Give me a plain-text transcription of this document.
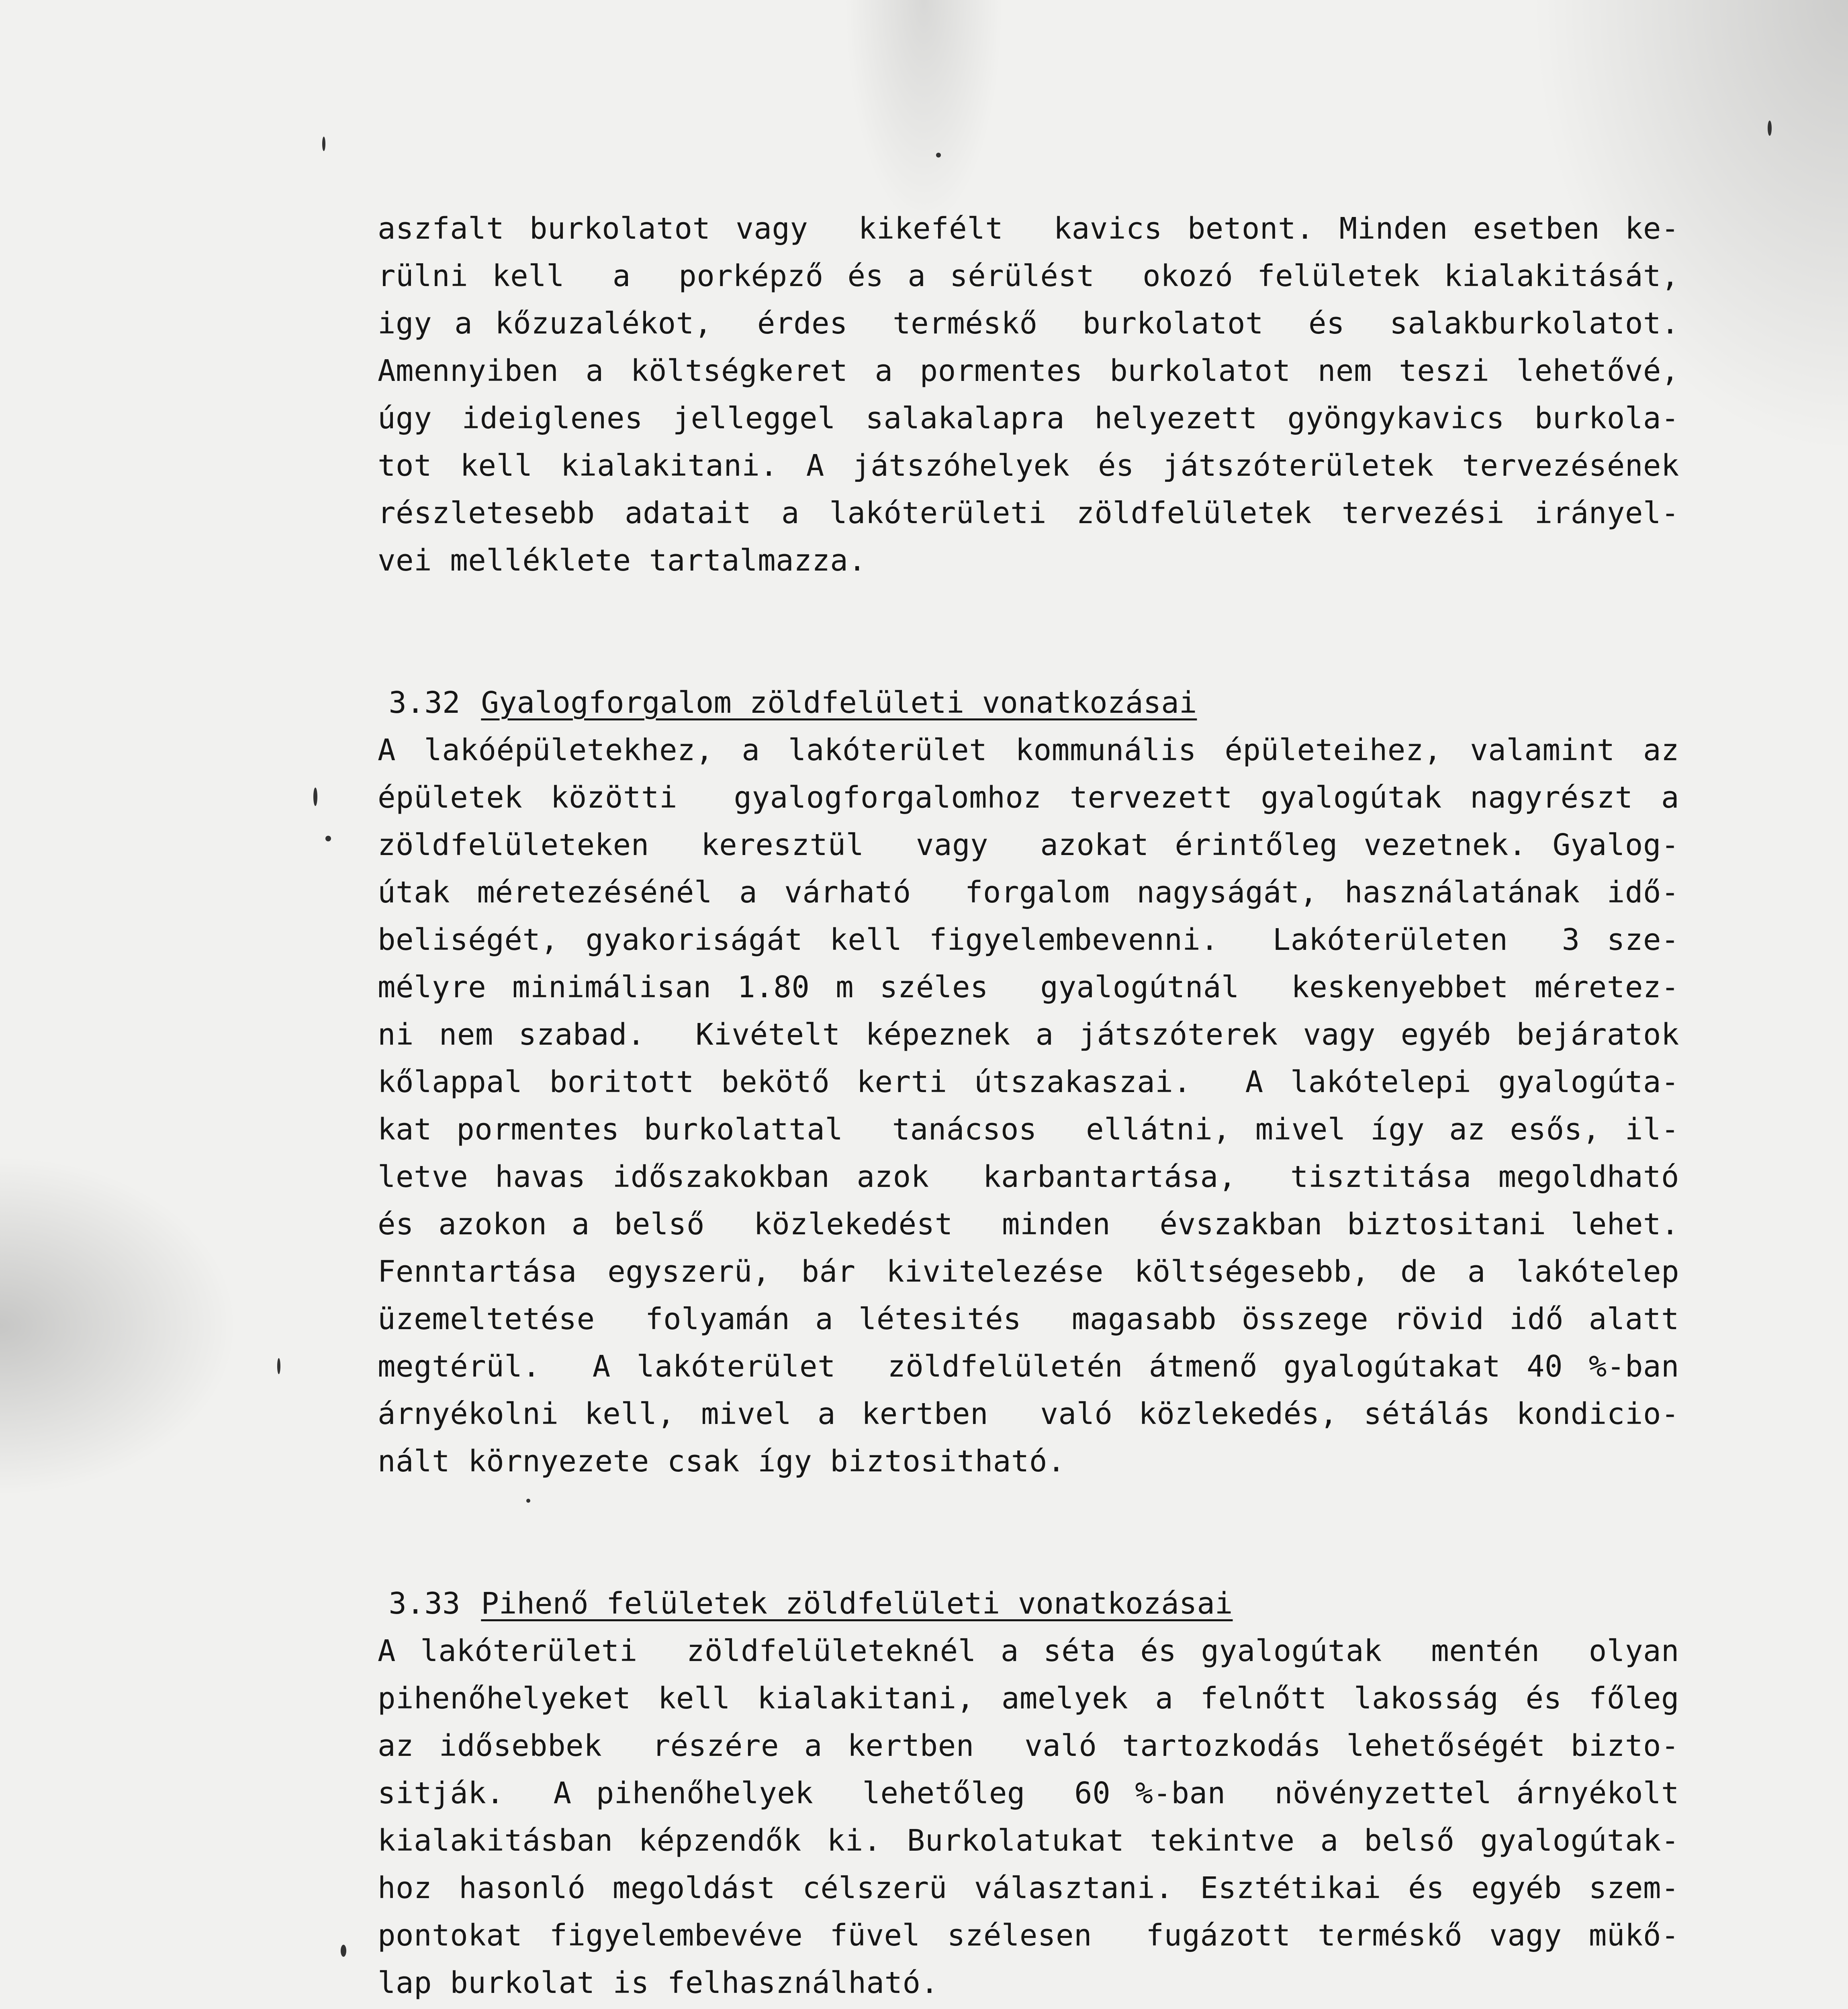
aszfalt burkolatot vagy  kikefélt  kavics betont. Minden esetben ke-
rülni kell  a  porképző és a sérülést  okozó felületek kialakitását,
igy a kőzuzalékot,  érdes  terméskő  burkolatot  és  salakburkolatot.
Amennyiben a költségkeret a pormentes burkolatot nem teszi lehetővé,
úgy ideiglenes jelleggel salakalapra helyezett gyöngykavics burkola-
tot kell kialakitani. A játszóhelyek és játszóterületek tervezésének
részletesebb adatait a lakóterületi zöldfelületek tervezési irányel-
vei melléklete tartalmazza.

3.32 Gyalogforgalom zöldfelületi vonatkozásai

A lakóépületekhez, a lakóterület kommunális épületeihez, valamint az
épületek közötti  gyalogforgalomhoz tervezett gyalogútak nagyrészt a
zöldfelületeken  keresztül  vagy  azokat érintőleg vezetnek. Gyalog-
útak méretezésénél a várható  forgalom nagyságát, használatának idő-
beliségét, gyakoriságát kell figyelembevenni.  Lakóterületen  3 sze-
mélyre minimálisan 1.80 m széles  gyalogútnál  keskenyebbet méretez-
ni nem szabad.  Kivételt képeznek a játszóterek vagy egyéb bejáratok
kőlappal boritott bekötő kerti útszakaszai.  A lakótelepi gyalogúta-
kat pormentes burkolattal  tanácsos  ellátni, mivel így az esős, il-
letve havas időszakokban azok  karbantartása,  tisztitása megoldható
és azokon a belső  közlekedést  minden  évszakban biztositani lehet.
Fenntartása egyszerü, bár kivitelezése költségesebb, de a lakótelep
üzemeltetése  folyamán a létesités  magasabb összege rövid idő alatt
megtérül.  A lakóterület  zöldfelületén átmenő gyalogútakat 40 %-ban
árnyékolni kell, mivel a kertben  való közlekedés, sétálás kondicio-
nált környezete csak így biztositható.

3.33 Pihenő felületek zöldfelületi vonatkozásai

A lakóterületi  zöldfelületeknél a séta és gyalogútak  mentén  olyan
pihenőhelyeket kell kialakitani, amelyek a felnőtt lakosság és főleg
az idősebbek  részére a kertben  való tartozkodás lehetőségét bizto-
sitják.  A pihenőhelyek  lehetőleg  60 %-ban  növényzettel árnyékolt
kialakitásban képzendők ki. Burkolatukat tekintve a belső gyalogútak-
hoz hasonló megoldást célszerü választani. Esztétikai és egyéb szem-
pontokat figyelembevéve füvel szélesen  fugázott terméskő vagy mükő-
lap burkolat is felhasználható.
